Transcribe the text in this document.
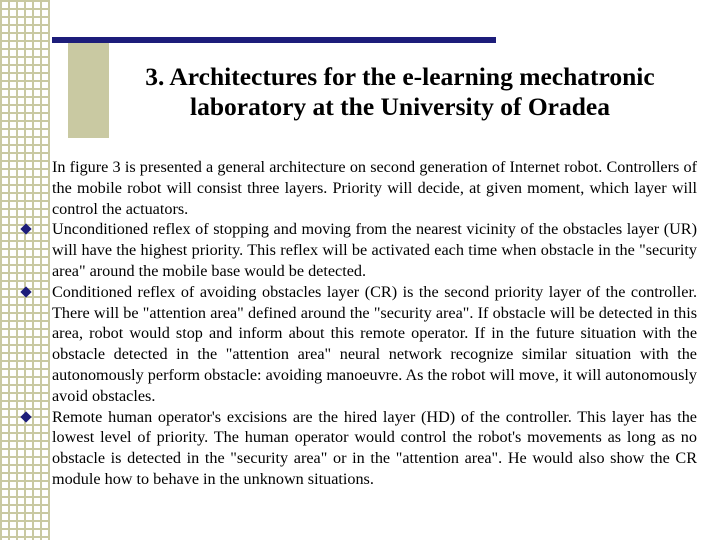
3. Architectures for the e-learning mechatronic
laboratory at the University of Oradea

In figure 3 is presented a general architecture on second generation of Internet robot. Controllers of the mobile robot will consist three layers. Priority will decide, at given moment, which layer will control the actuators.

Unconditioned reflex of stopping and moving from the nearest vicinity of the obstacles layer (UR) will have the highest priority. This reflex will be activated each time when obstacle in the "security area" around the mobile base would be detected.
Conditioned reflex of avoiding obstacles layer (CR) is the second priority layer of the controller. There will be "attention area" defined around the "security area". If obstacle will be detected in this area, robot would stop and inform about this remote operator. If in the future situation with the obstacle detected in the "attention area" neural network recognize similar situation with the autonomously perform obstacle: avoiding manoeuvre. As the robot will move, it will autonomously avoid obstacles.
Remote human operator's excisions are the hired layer (HD) of the controller. This layer has the lowest level of priority. The human operator would control the robot's movements as long as no obstacle is detected in the "security area" or in the "attention area". He would also show the CR module how to behave in the unknown situations.
